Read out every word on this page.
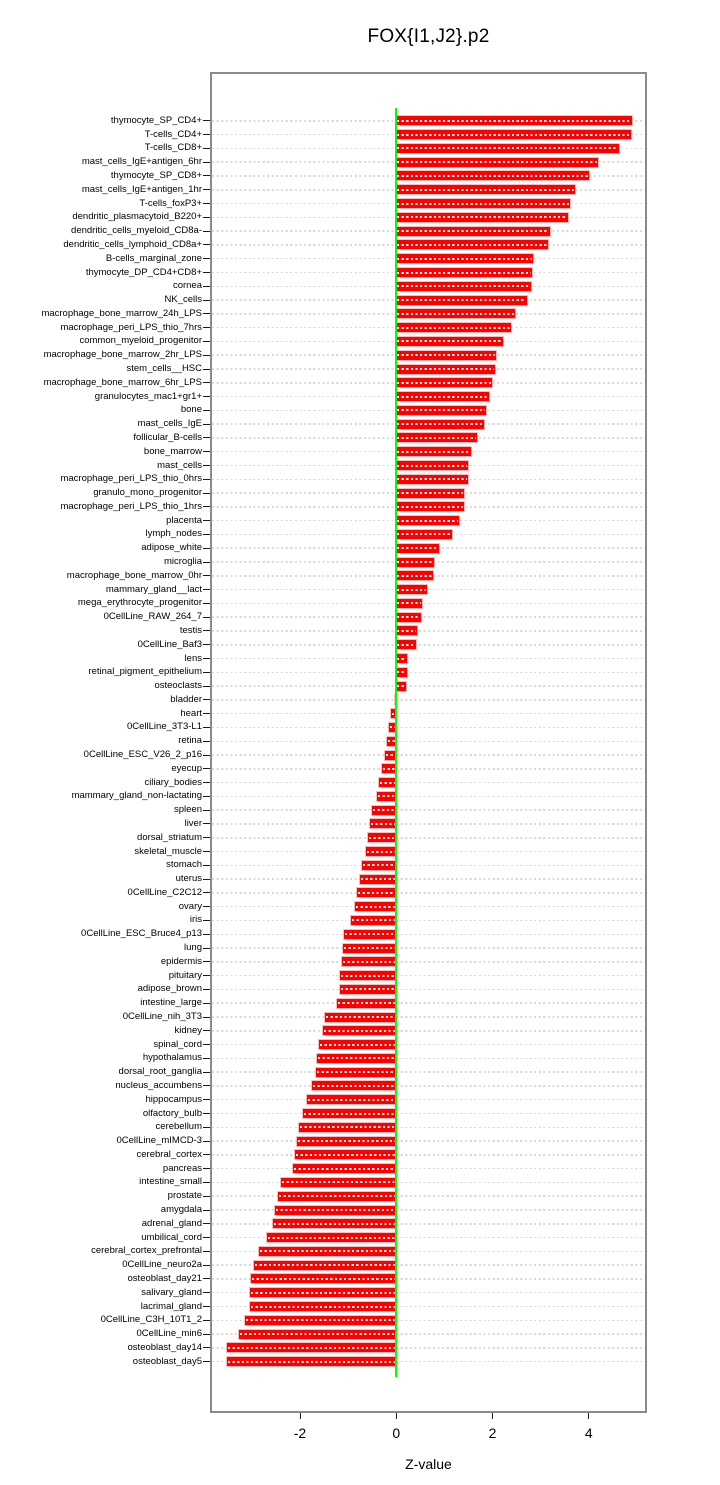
FOX{I1,J2}.p2
Z-value
thymocyte_SP_CD4+
T-cells_CD4+
T-cells_CD8+
mast_cells_IgE+antigen_6hr
thymocyte_SP_CD8+
mast_cells_IgE+antigen_1hr
T-cells_foxP3+
dendritic_plasmacytoid_B220+
dendritic_cells_myeloid_CD8a-
dendritic_cells_lymphoid_CD8a+
B-cells_marginal_zone
thymocyte_DP_CD4+CD8+
cornea
NK_cells
macrophage_bone_marrow_24h_LPS
macrophage_peri_LPS_thio_7hrs
common_myeloid_progenitor
macrophage_bone_marrow_2hr_LPS
stem_cells__HSC
macrophage_bone_marrow_6hr_LPS
granulocytes_mac1+gr1+
bone
mast_cells_IgE
follicular_B-cells
bone_marrow
mast_cells
macrophage_peri_LPS_thio_0hrs
granulo_mono_progenitor
macrophage_peri_LPS_thio_1hrs
placenta
lymph_nodes
adipose_white
microglia
macrophage_bone_marrow_0hr
mammary_gland__lact
mega_erythrocyte_progenitor
0CellLine_RAW_264_7
testis
0CellLine_Baf3
lens
retinal_pigment_epithelium
osteoclasts
bladder
heart
0CellLine_3T3-L1
retina
0CellLine_ESC_V26_2_p16
eyecup
ciliary_bodies
mammary_gland_non-lactating
spleen
liver
dorsal_striatum
skeletal_muscle
stomach
uterus
0CellLine_C2C12
ovary
iris
0CellLine_ESC_Bruce4_p13
lung
epidermis
pituitary
adipose_brown
intestine_large
0CellLine_nih_3T3
kidney
spinal_cord
hypothalamus
dorsal_root_ganglia
nucleus_accumbens
hippocampus
olfactory_bulb
cerebellum
0CellLine_mIMCD-3
cerebral_cortex
pancreas
intestine_small
prostate
amygdala
adrenal_gland
umbilical_cord
cerebral_cortex_prefrontal
0CellLine_neuro2a
osteoblast_day21
salivary_gland
lacrimal_gland
0CellLine_C3H_10T1_2
0CellLine_min6
osteoblast_day14
osteoblast_day5
-2	0	2	4
